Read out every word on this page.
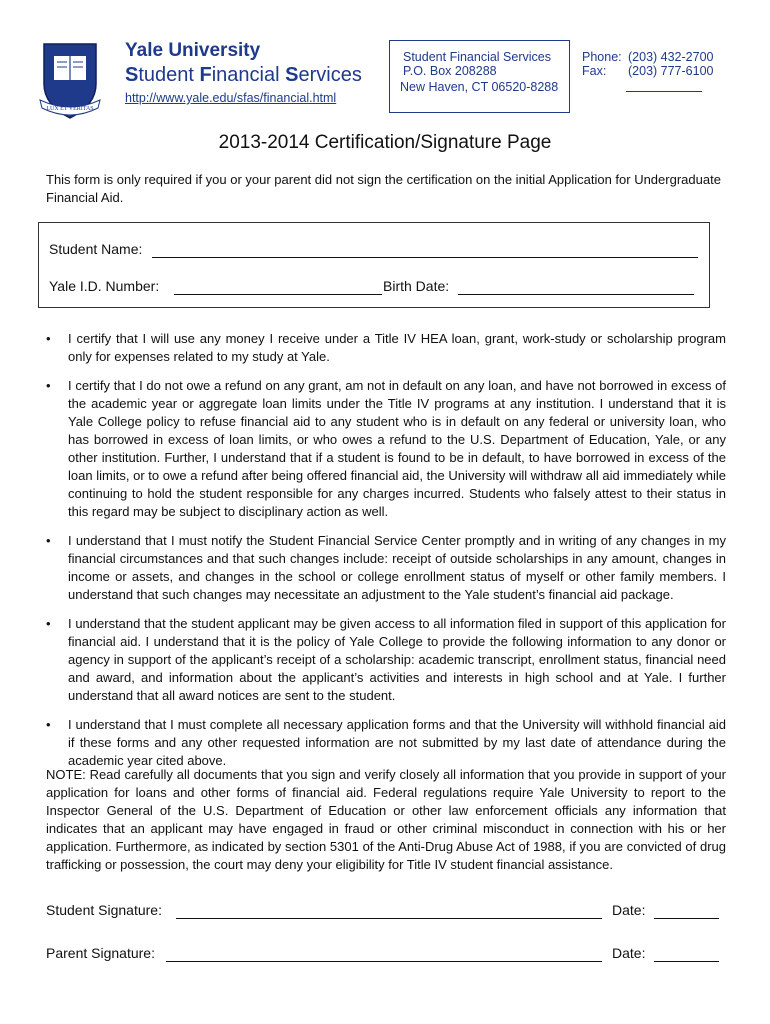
LUX ET VERITAS
Yale University
Student Financial Services
http://www.yale.edu/sfas/financial.html
Student Financial Services
P.O. Box 208288
New Haven, CT 06520-8288
Phone: (203) 432-2700
Fax: (203) 777-6100
2013-2014 Certification/Signature Page
This form is only required if you or your parent did not sign the certification on the initial Application for Undergraduate Financial Aid.
Student Name:
Yale I.D. Number:	Birth Date:
• I certify that I will use any money I receive under a Title IV HEA loan, grant, work-study or scholarship program only for expenses related to my study at Yale.
• I certify that I do not owe a refund on any grant, am not in default on any loan, and have not borrowed in excess of the academic year or aggregate loan limits under the Title IV programs at any institution. I understand that it is Yale College policy to refuse financial aid to any student who is in default on any federal or university loan, who has borrowed in excess of loan limits, or who owes a refund to the U.S. Department of Education, Yale, or any other institution. Further, I understand that if a student is found to be in default, to have borrowed in excess of the loan limits, or to owe a refund after being offered financial aid, the University will withdraw all aid immediately while continuing to hold the student responsible for any charges incurred. Students who falsely attest to their status in this regard may be subject to disciplinary action as well.
• I understand that I must notify the Student Financial Service Center promptly and in writing of any changes in my financial circumstances and that such changes include: receipt of outside scholarships in any amount, changes in income or assets, and changes in the school or college enrollment status of myself or other family members. I understand that such changes may necessitate an adjustment to the Yale student’s financial aid package.
• I understand that the student applicant may be given access to all information filed in support of this application for financial aid. I understand that it is the policy of Yale College to provide the following information to any donor or agency in support of the applicant’s receipt of a scholarship: academic transcript, enrollment status, financial need and award, and information about the applicant’s activities and interests in high school and at Yale. I further understand that all award notices are sent to the student.
• I understand that I must complete all necessary application forms and that the University will withhold financial aid if these forms and any other requested information are not submitted by my last date of attendance during the academic year cited above.
NOTE: Read carefully all documents that you sign and verify closely all information that you provide in support of your application for loans and other forms of financial aid. Federal regulations require Yale University to report to the Inspector General of the U.S. Department of Education or other law enforcement officials any information that indicates that an applicant may have engaged in fraud or other criminal misconduct in connection with his or her application. Furthermore, as indicated by section 5301 of the Anti-Drug Abuse Act of 1988, if you are convicted of drug trafficking or possession, the court may deny your eligibility for Title IV student financial assistance.
Student Signature:	Date:
Parent Signature:	Date:
